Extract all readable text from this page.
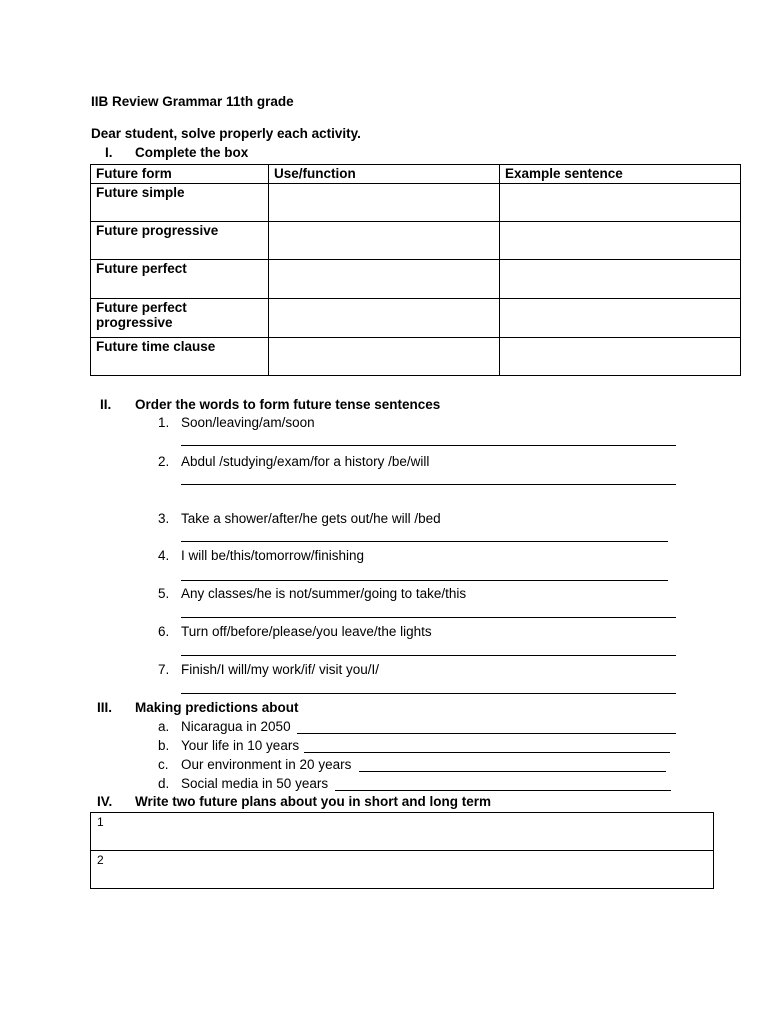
IIB Review Grammar 11th grade
Dear student, solve properly each activity.
I. Complete the box
Future form	Use/function	Example sentence
Future simple		
Future progressive		
Future perfect		
Future perfect progressive		
Future time clause		
II. Order the words to form future tense sentences
1. Soon/leaving/am/soon
2. Abdul /studying/exam/for a history /be/will
3. Take a shower/after/he gets out/he will /bed
4. I will be/this/tomorrow/finishing
5. Any classes/he is not/summer/going to take/this
6. Turn off/before/please/you leave/the lights
7. Finish/I will/my work/if/ visit you/I/
III. Making predictions about
a. Nicaragua in 2050
b. Your life in 10 years
c. Our environment in 20 years
d. Social media in 50 years
IV. Write two future plans about you in short and long term
1
2
